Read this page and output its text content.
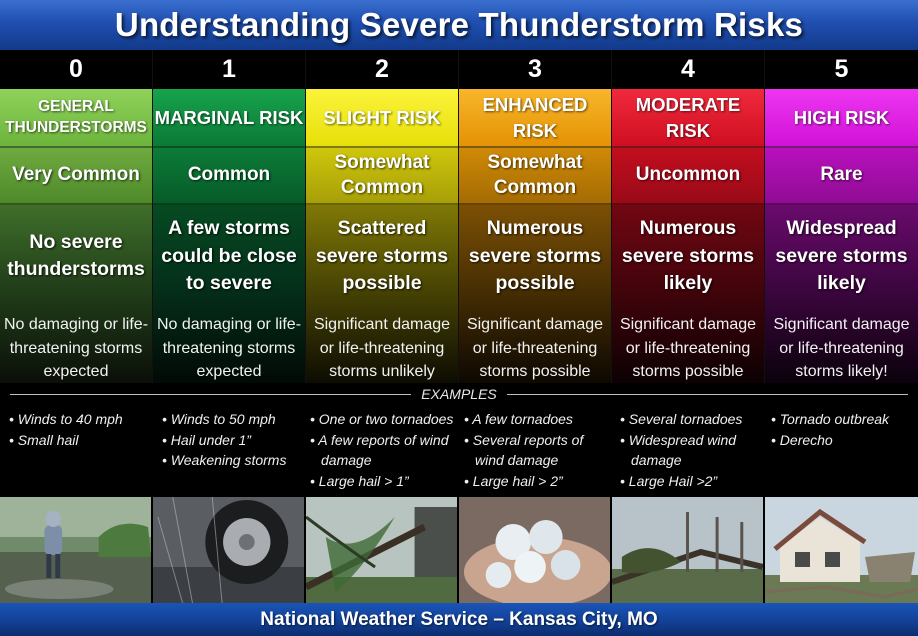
Understanding Severe Thunderstorm Risks
0
GENERAL THUNDERSTORMS
Very Common
No severe thunderstorms
No damaging or life-threatening storms expected
1
MARGINAL RISK
Common
A few storms could be close to severe
No damaging or life-threatening storms expected
2
SLIGHT RISK
Somewhat Common
Scattered severe storms possible
Significant damage or life-threatening storms unlikely
3
ENHANCED RISK
Somewhat Common
Numerous severe storms possible
Significant damage or life-threatening storms possible
4
MODERATE RISK
Uncommon
Numerous severe storms likely
Significant damage or life-threatening storms possible
5
HIGH RISK
Rare
Widespread severe storms likely
Significant damage or life-threatening storms likely!
EXAMPLES
• Winds to 40 mph
• Small hail
• Winds to 50 mph
• Hail under 1”
• Weakening storms
• One or two tornadoes
• A few reports of wind damage
• Large hail > 1”
• A few tornadoes
• Several reports of wind damage
• Large hail > 2”
• Several tornadoes
• Widespread wind damage
• Large Hail >2”
• Tornado outbreak
• Derecho
National Weather Service – Kansas City, MO
